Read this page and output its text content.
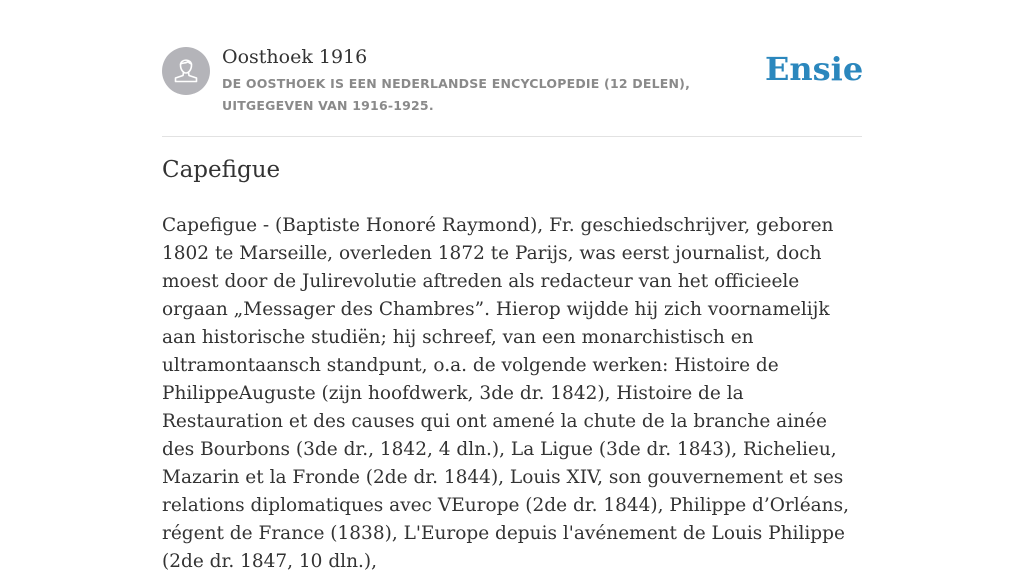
Oosthoek 1916

DE OOSTHOEK IS EEN NEDERLANDSE ENCYCLOPEDIE (12 DELEN), UITGEGEVEN VAN 1916-1925.

Ensie
Capefigue

Capefigue - (Baptiste Honoré Raymond), Fr. geschiedschrijver, geboren 1802 te Marseille, overleden 1872 te Parijs, was eerst journalist, doch moest door de Julirevolutie aftreden als redacteur van het officieele orgaan „Messager des Chambres”. Hierop wijdde hij zich voornamelijk aan historische studiën; hij schreef, van een monarchistisch en ultramontaansch standpunt, o.a. de volgende werken: Histoire de PhilippeAuguste (zijn hoofdwerk, 3de dr. 1842), Histoire de la Restauration et des causes qui ont amené la chute de la branche ainée des Bourbons (3de dr., 1842, 4 dln.), La Ligue (3de dr. 1843), Richelieu, Mazarin et la Fronde (2de dr. 1844), Louis XIV, son gouvernement et ses relations diplomatiques avec VEurope (2de dr. 1844), Philippe d’Orléans, régent de France (1838), L'Europe depuis l'avénement de Louis Philippe (2de dr. 1847, 10 dln.),
